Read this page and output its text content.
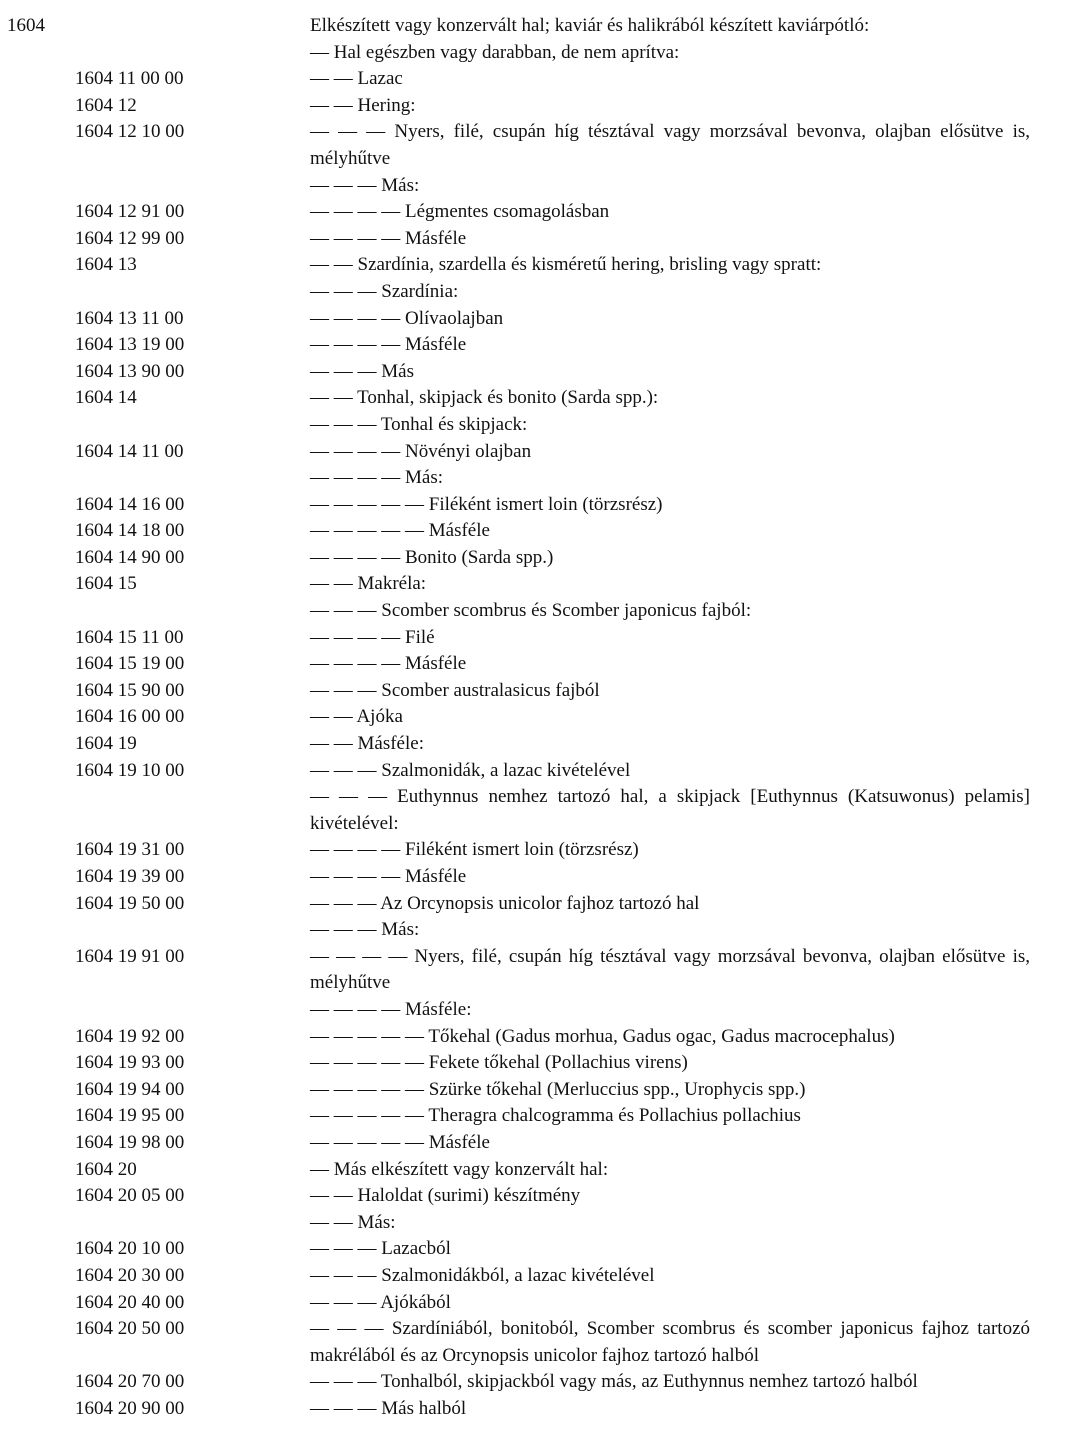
1604	Elkészített vagy konzervált hal; kaviár és halikrából készített kaviárpótló:
— Hal egészben vagy darabban, de nem aprítva:
1604 11 00 00	— — Lazac
1604 12	— — Hering:
1604 12 10 00	— — — Nyers, filé, csupán híg tésztával vagy morzsával bevonva, olajban elősütve is, mélyhűtve
— — — Más:
1604 12 91 00	— — — — Légmentes csomagolásban
1604 12 99 00	— — — — Másféle
1604 13	— — Szardínia, szardella és kisméretű hering, brisling vagy spratt:
— — — Szardínia:
1604 13 11 00	— — — — Olívaolajban
1604 13 19 00	— — — — Másféle
1604 13 90 00	— — — Más
1604 14	— — Tonhal, skipjack és bonito (Sarda spp.):
— — — Tonhal és skipjack:
1604 14 11 00	— — — — Növényi olajban
— — — — Más:
1604 14 16 00	— — — — — Filéként ismert loin (törzsrész)
1604 14 18 00	— — — — — Másféle
1604 14 90 00	— — — — Bonito (Sarda spp.)
1604 15	— — Makréla:
— — — Scomber scombrus és Scomber japonicus fajból:
1604 15 11 00	— — — — Filé
1604 15 19 00	— — — — Másféle
1604 15 90 00	— — — Scomber australasicus fajból
1604 16 00 00	— — Ajóka
1604 19	— — Másféle:
1604 19 10 00	— — — Szalmonidák, a lazac kivételével
— — — Euthynnus nemhez tartozó hal, a skipjack [Euthynnus (Katsuwonus) pelamis] kivételével:
1604 19 31 00	— — — — Filéként ismert loin (törzsrész)
1604 19 39 00	— — — — Másféle
1604 19 50 00	— — — Az Orcynopsis unicolor fajhoz tartozó hal
— — — Más:
1604 19 91 00	— — — — Nyers, filé, csupán híg tésztával vagy morzsával bevonva, olajban elősütve is, mélyhűtve
— — — — Másféle:
1604 19 92 00	— — — — — Tőkehal (Gadus morhua, Gadus ogac, Gadus macrocephalus)
1604 19 93 00	— — — — — Fekete tőkehal (Pollachius virens)
1604 19 94 00	— — — — — Szürke tőkehal (Merluccius spp., Urophycis spp.)
1604 19 95 00	— — — — — Theragra chalcogramma és Pollachius pollachius
1604 19 98 00	— — — — — Másféle
1604 20	— Más elkészített vagy konzervált hal:
1604 20 05 00	— — Haloldat (surimi) készítmény
— — Más:
1604 20 10 00	— — — Lazacból
1604 20 30 00	— — — Szalmonidákból, a lazac kivételével
1604 20 40 00	— — — Ajókából
1604 20 50 00	— — — Szardíniából, bonitoból, Scomber scombrus és scomber japonicus fajhoz tartozó makrélából és az Orcynopsis unicolor fajhoz tartozó halból
1604 20 70 00	— — — Tonhalból, skipjackból vagy más, az Euthynnus nemhez tartozó halból
1604 20 90 00	— — — Más halból
